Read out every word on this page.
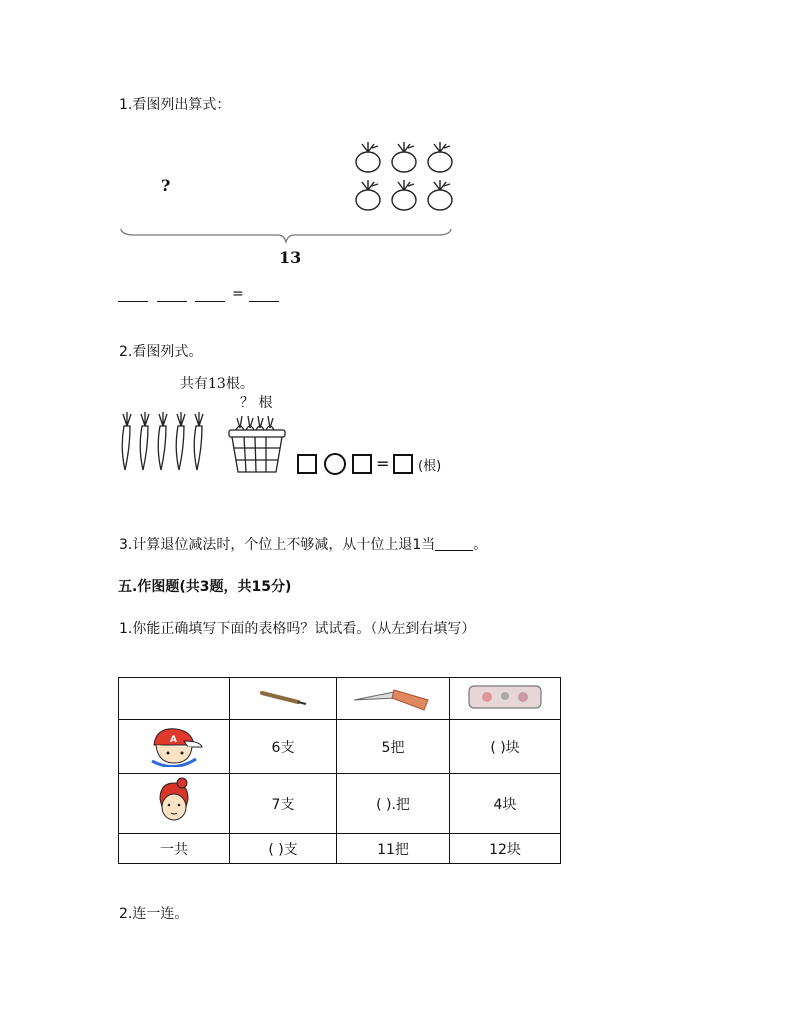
1.看图列出算式：
?
13
=
2.看图列式。
共有13根。
？ 根
= (根)
3.计算退位减法时，个位上不够减，从十位上退1当	。
五.作图题(共3题，共15分)
1.你能正确填写下面的表格吗？试试看。（从左到右填写）

A	6支	5把	( )块
	7支	( ).把	4块
一共	( )支	11把	12块
2.连一连。
